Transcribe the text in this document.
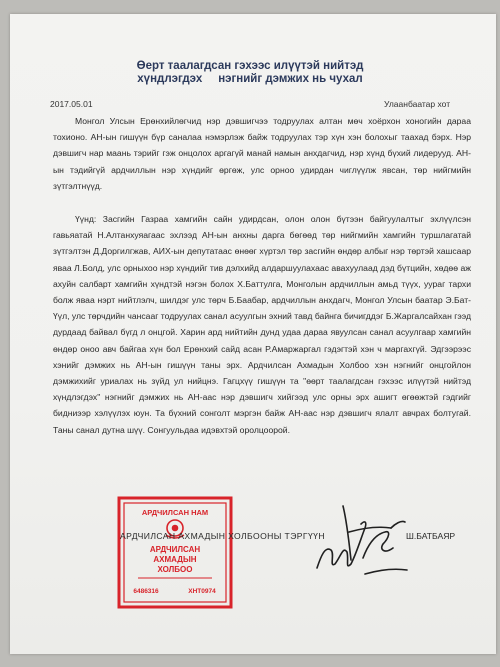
Өерт таалагдсан гэхээс илүүтэй нийтэд
хүндлэгдэх     нэгнийг дэмжих нь чухал
2017.05.01	Улаанбаатар хот

Монгол Улсын Ерөнхийлөгчид нэр дэвшигчээ тодруулах алтан мөч хоёрхон хоногийн дараа тохионо. АН-ын гишүүн бүр саналаа нэмэрлэж байж тодруулах тэр хүн хэн болохыг таахад бэрх. Нэр дэвшигч нар маань тэрийг гэж онцолох аргагүй манай намын анхдагчид, нэр хүнд бүхий лидерууд. АН-ын тэдийгүй ардчиллын нэр хүндийг өргөж, улс орноо удирдан чиглүүлж явсан, төр нийгмийн зүтгэлтнүүд.

Үүнд: Засгийн Газраа хамгийн сайн удирдсан, олон олон бүтээн байгуулалтыг эхлүүлсэн гавьяатай Н.Алтанхуяагаас эхлээд АН-ын анхны дарга бөгөөд төр нийгмийн хамгийн туршлагатай зүтгэлтэн Д.Доргилгжав, АИХ-ын депутатаас өнөөг хүртэл төр засгийн өндөр албыг нэр төртэй хашсаар яваа Л.Болд, улс орныхоо нэр хүндийг тив дэлхийд алдаршуулахаас авахуулаад дэд бүтцийн, хөдөө аж ахуйн салбарт хамгийн хүндтэй нэгэн болох Х.Баттулга, Монголын ардчиллын амьд түүх, уураг тархи болж яваа нэрт нийтлэлч, шилдэг улс төрч Б.Баабар, ардчиллын анхдагч, Монгол Улсын баатар Э.Бат-Үүл, улс төрчдийн чансааг тодруулах санал асуулгын эхний тавд байнга бичигддэг Б.Жаргалсайхан гээд дурдаад байвал бүгд л онцгой. Харин ард нийтийн дунд удаа дараа явуулсан санал асуулгаар хамгийн өндөр оноо авч байгаа хүн бол Ерөнхий сайд асан Р.Амаржаргал гэдэгтэй хэн ч маргахгүй. Эдгээрээс хэнийг дэмжих нь АН-ын гишүүн таны эрх. Ардчилсан Ахмадын Холбоо хэн нэгнийг онцгойлон дэмжихийг уриалах нь зүйд ул нийцнэ. Гагцхүү гишүүн та "өөрт таалагдсан гэхээс илүүтэй нийтэд хүндлэгдэх" нэгнийг дэмжих нь АН-аас нэр дэвшигч хийгээд улс орны эрх ашигт өгөөжтэй гэдгийг бидниээр хэлүүлэх юун. Та бүхний сонголт мэргэн байж АН-аас нэр дэвшигч ялалт авчрах болтугай. Таны санал дутна шүү. Сонгуульдаа идэвхтэй оролцоорой.

АРДЧИЛСАН НАМ
АРДЧИЛСАН
АХМАДЫН
ХОЛБОО
6486316	ХНТ0974
АРДЧИЛСАН АХМАДЫН ХОЛБООНЫ ТЭРГҮҮН	Ш.БАТБАЯР
